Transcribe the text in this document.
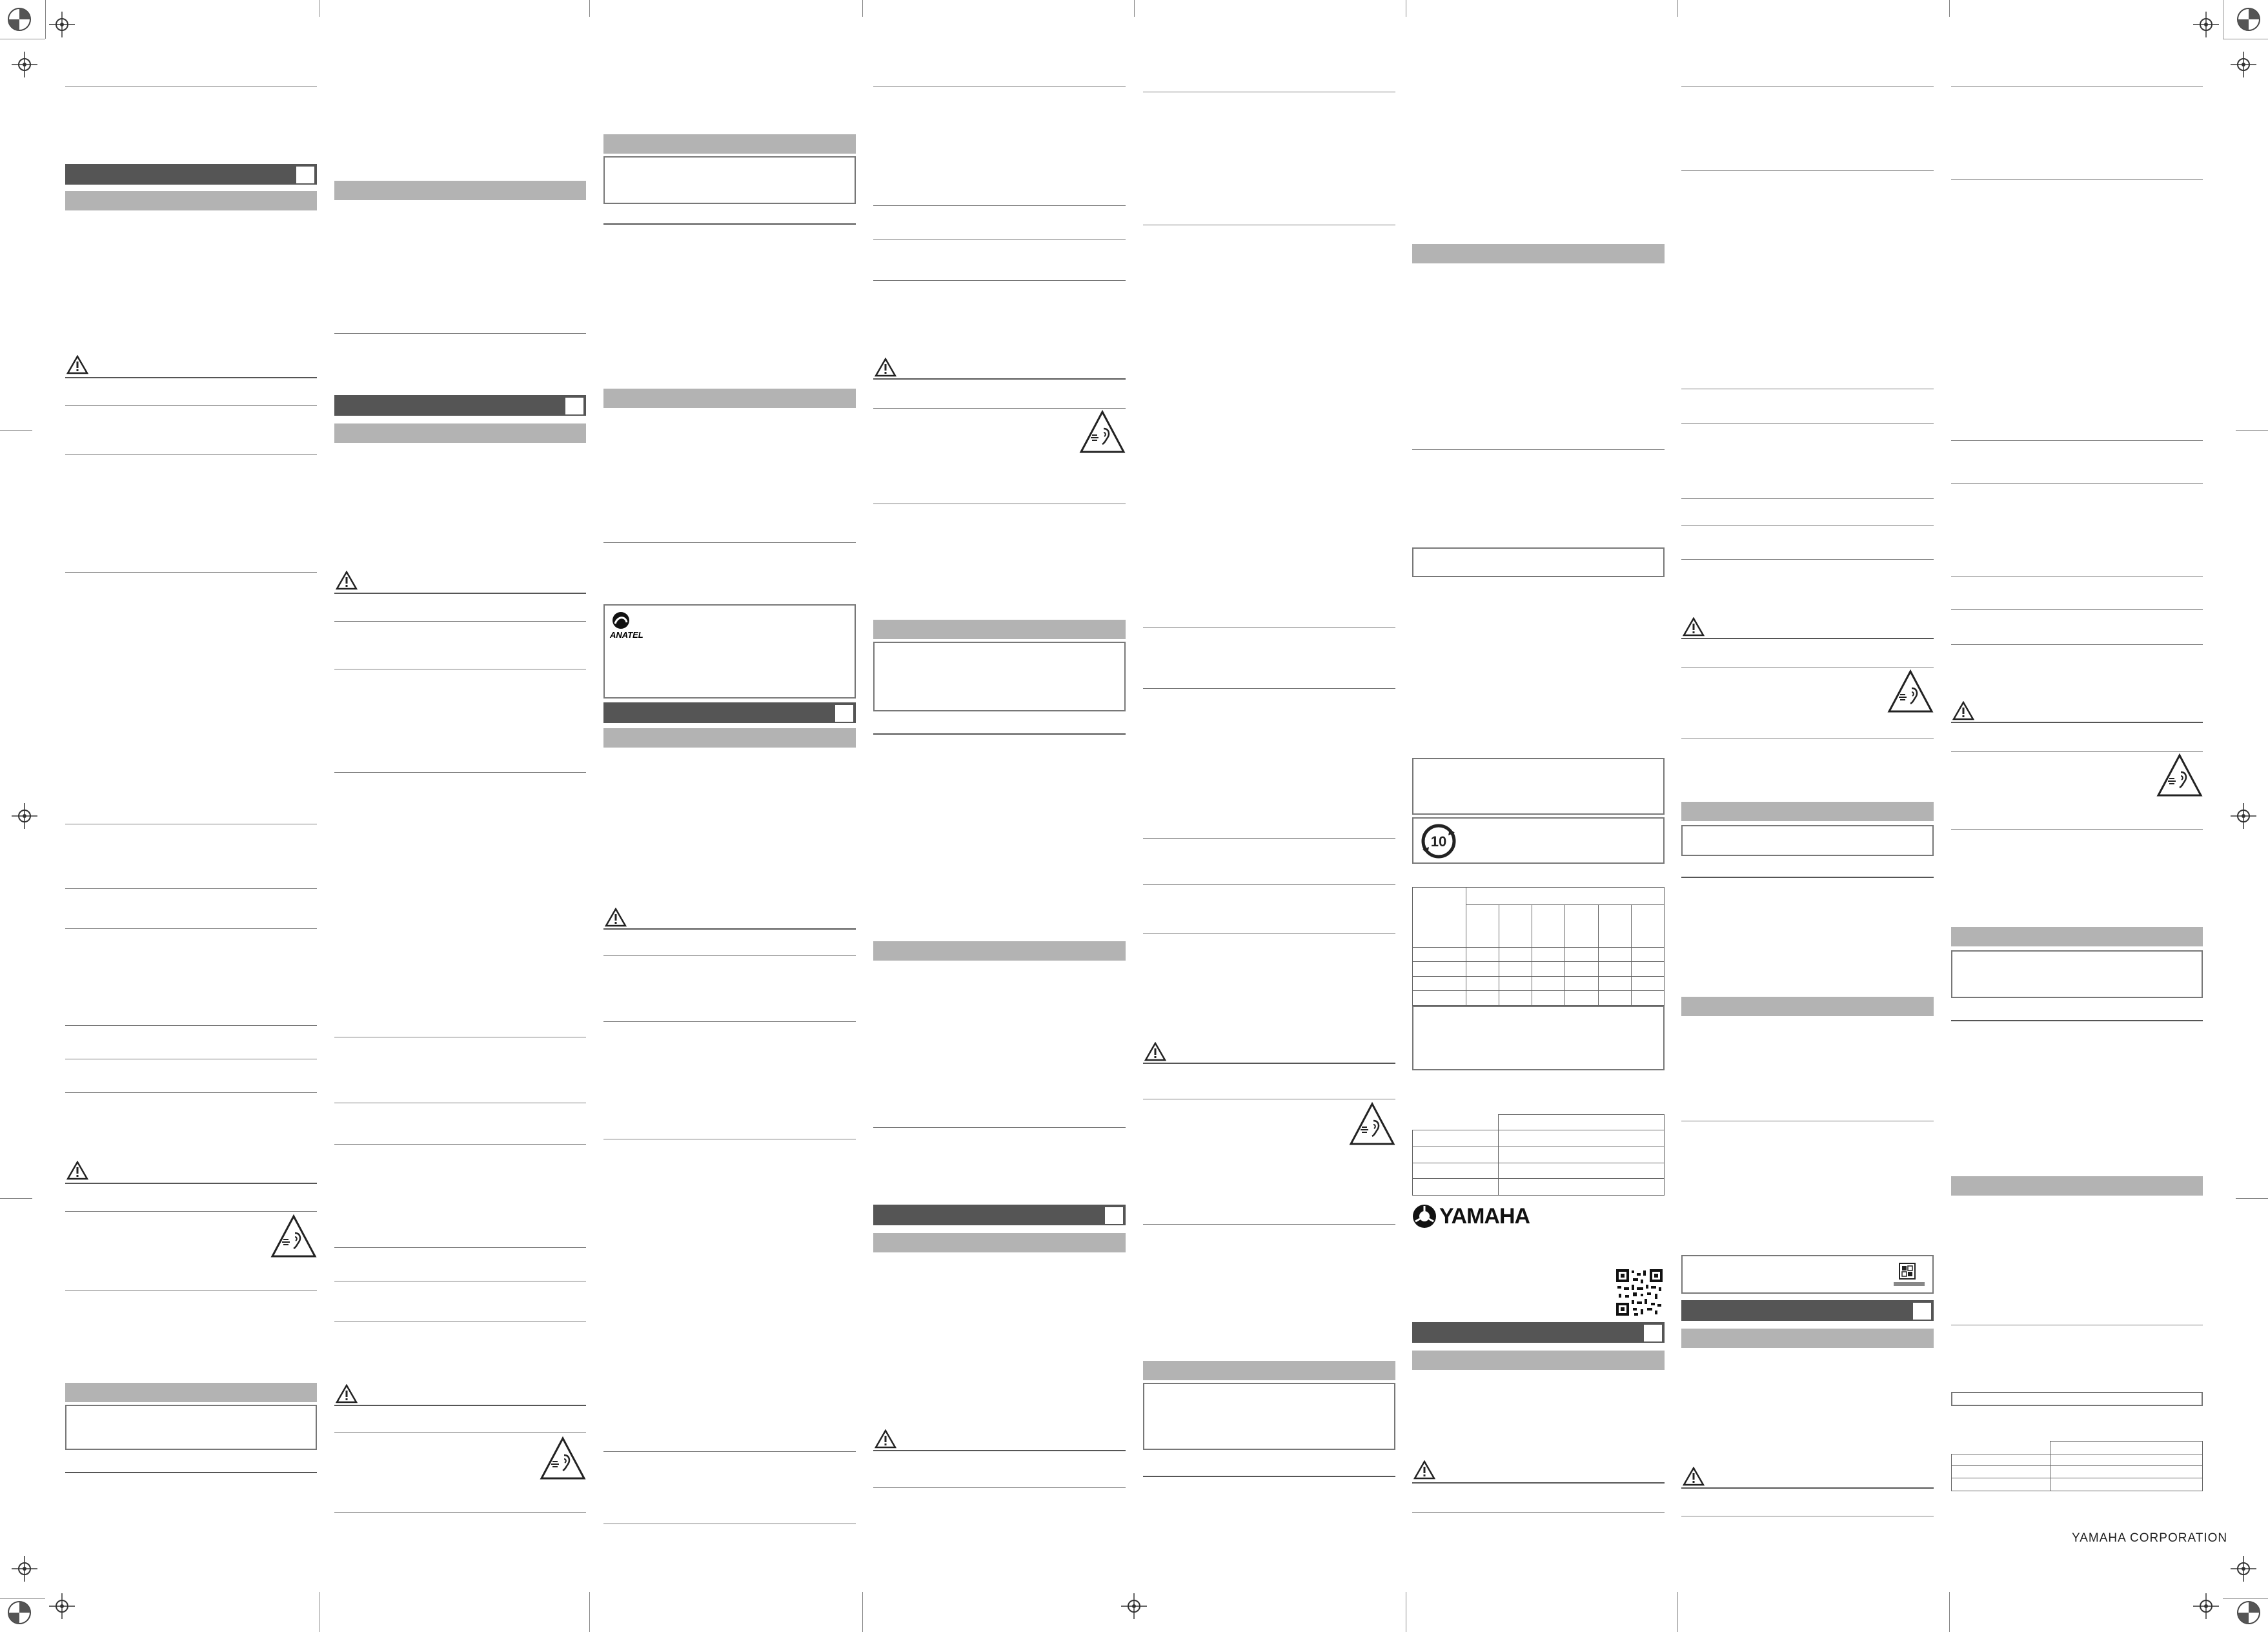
ANATEL
10

YAMAHA

YAMAHA CORPORATION
